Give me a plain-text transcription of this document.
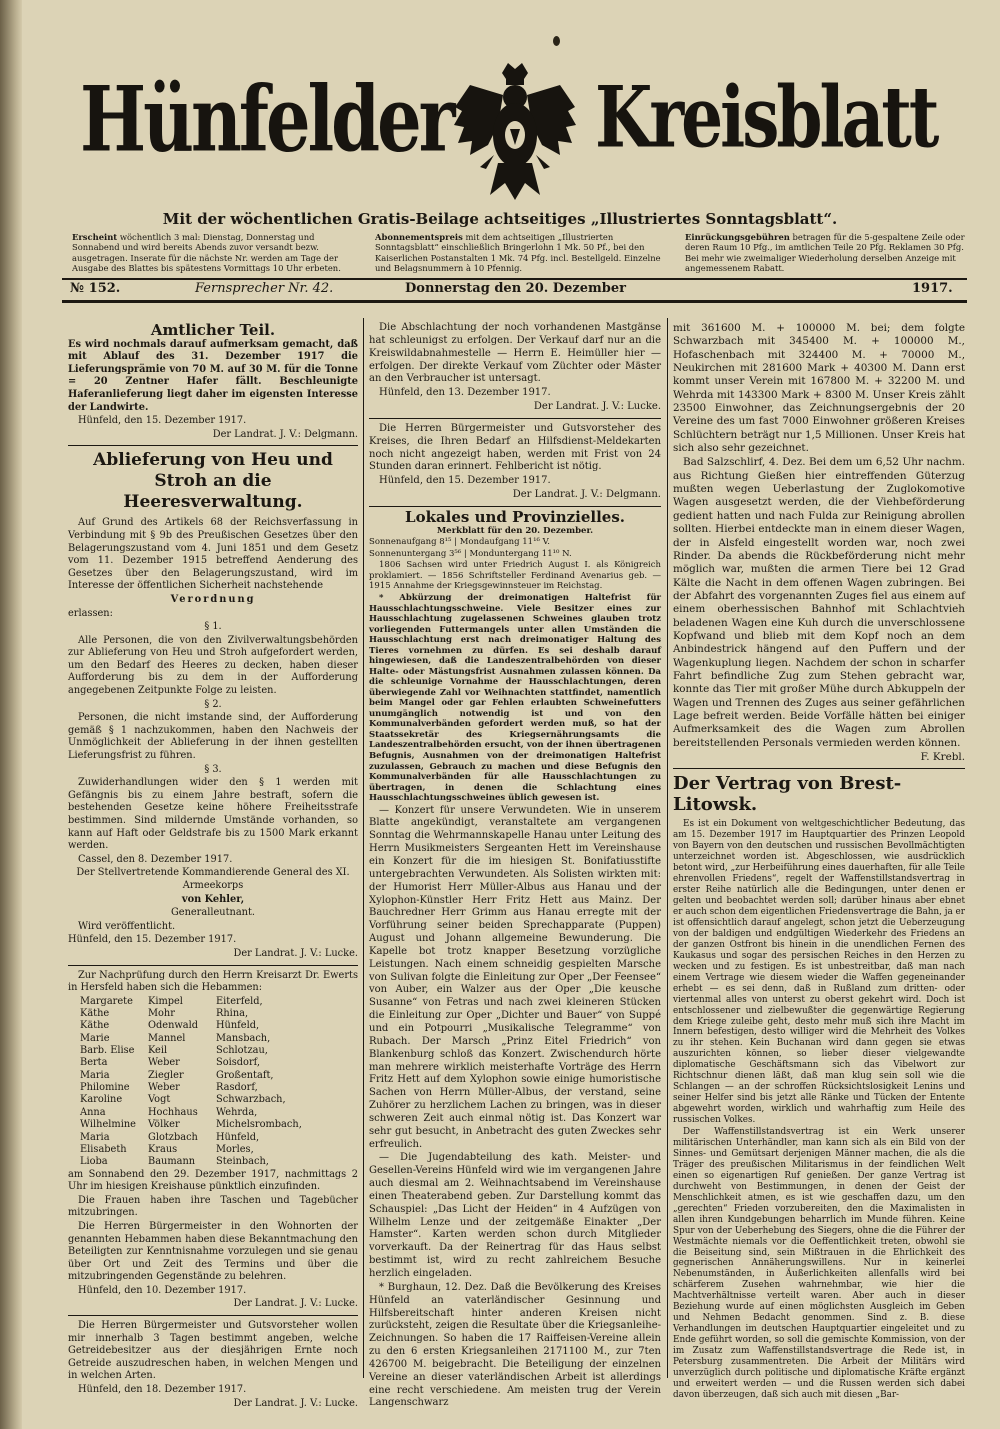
Hünfelder Kreisblatt
Mit der wöchentlichen Gratis-Beilage achtseitiges „Illustriertes Sonntagsblatt“.
Erscheint wöchentlich 3 mal: Dienstag, Donnerstag und Sonnabend und wird bereits Abends zuvor versandt bezw. ausgetragen. Inserate für die nächste Nr. werden am Tage der Ausgabe des Blattes bis spätestens Vormittags 10 Uhr erbeten.
Abonnementspreis mit dem achtseitigen „Illustrierten Sonntagsblatt“ einschließlich Bringerlohn 1 Mk. 50 Pf., bei den Kaiserlichen Postanstalten 1 Mk. 74 Pfg. incl. Bestellgeld. Einzelne und Belagsnummern à 10 Pfennig.
Einrückungsgebühren betragen für die 5-gespaltene Zeile oder deren Raum 10 Pfg., im amtlichen Teile 20 Pfg. Reklamen 30 Pfg. Bei mehr wie zweimaliger Wiederholung derselben Anzeige mit angemessenem Rabatt.
№ 152.	Fernsprecher Nr. 42.	Donnerstag den 20. Dezember	1917.
Amtlicher Teil.

Es wird nochmals darauf aufmerksam gemacht, daß mit Ablauf des 31. Dezember 1917 die Lieferungsprämie von 70 M. auf 30 M. für die Tonne = 20 Zentner Hafer fällt. Beschleunigte Haferanlieferung liegt daher im eigensten Interesse der Landwirte.

Hünfeld, den 15. Dezember 1917.

Der Landrat. J. V.: Delgmann.

Ablieferung von Heu und Stroh an die Heeresverwaltung.

Auf Grund des Artikels 68 der Reichsverfassung in Verbindung mit § 9b des Preußischen Gesetzes über den Belagerungszustand vom 4. Juni 1851 und dem Gesetz vom 11. Dezember 1915 betreffend Aenderung des Gesetzes über den Belagerungszustand, wird im Interesse der öffentlichen Sicherheit nachstehende

Verordnung

erlassen:

§ 1.

Alle Personen, die von den Zivilverwaltungsbehörden zur Ablieferung von Heu und Stroh aufgefordert werden, um den Bedarf des Heeres zu decken, haben dieser Aufforderung bis zu dem in der Aufforderung angegebenen Zeitpunkte Folge zu leisten.

§ 2.

Personen, die nicht imstande sind, der Aufforderung gemäß § 1 nachzukommen, haben den Nachweis der Unmöglichkeit der Ablieferung in der ihnen gestellten Lieferungsfrist zu führen.

§ 3.

Zuwiderhandlungen wider den § 1 werden mit Gefängnis bis zu einem Jahre bestraft, sofern die bestehenden Gesetze keine höhere Freiheitsstrafe bestimmen. Sind mildernde Umstände vorhanden, so kann auf Haft oder Geldstrafe bis zu 1500 Mark erkannt werden.

Cassel, den 8. Dezember 1917.

Der Stellvertretende Kommandierende General des XI. Armeekorps

von Kehler,

Generalleutnant.

Wird veröffentlicht.

Hünfeld, den 15. Dezember 1917.

Der Landrat. J. V.: Lucke.

Zur Nachprüfung durch den Herrn Kreisarzt Dr. Ewerts in Hersfeld haben sich die Hebammen:

Margarete	Kimpel	Eiterfeld,
Käthe	Mohr	Rhina,
Käthe	Odenwald	Hünfeld,
Marie	Mannel	Mansbach,
Barb. Elise	Keil	Schlotzau,
Berta	Weber	Soisdorf,
Maria	Ziegler	Großentaft,
Philomine	Weber	Rasdorf,
Karoline	Vogt	Schwarzbach,
Anna	Hochhaus	Wehrda,
Wilhelmine	Völker	Michelsrombach,
Maria	Glotzbach	Hünfeld,
Elisabeth	Kraus	Morles,
Lioba	Baumann	Steinbach,

am Sonnabend den 29. Dezember 1917, nachmittags 2 Uhr im hiesigen Kreishause pünktlich einzufinden.

Die Frauen haben ihre Taschen und Tagebücher mitzubringen.

Die Herren Bürgermeister in den Wohnorten der genannten Hebammen haben diese Bekanntmachung den Beteiligten zur Kenntnisnahme vorzulegen und sie genau über Ort und Zeit des Termins und über die mitzubringenden Gegenstände zu belehren.

Hünfeld, den 10. Dezember 1917.

Der Landrat. J. V.: Lucke.

Die Herren Bürgermeister und Gutsvorsteher wollen mir innerhalb 3 Tagen bestimmt angeben, welche Getreidebesitzer aus der diesjährigen Ernte noch Getreide auszudreschen haben, in welchen Mengen und in welchen Arten.

Hünfeld, den 18. Dezember 1917.

Der Landrat. J. V.: Lucke.

Die Abschlachtung der noch vorhandenen Mastgänse hat schleunigst zu erfolgen. Der Verkauf darf nur an die Kreiswildabnahmestelle — Herrn E. Heimüller hier — erfolgen. Der direkte Verkauf vom Züchter oder Mäster an den Verbraucher ist untersagt.

Hünfeld, den 13. Dezember 1917.

Der Landrat. J. V.: Lucke.

Die Herren Bürgermeister und Gutsvorsteher des Kreises, die Ihren Bedarf an Hilfsdienst-Meldekarten noch nicht angezeigt haben, werden mit Frist von 24 Stunden daran erinnert. Fehlbericht ist nötig.

Hünfeld, den 15. Dezember 1917.

Der Landrat. J. V.: Delgmann.

Lokales und Provinzielles.

Merkblatt für den 20. Dezember.

Sonnenaufgang 8¹⁵ | Mondaufgang 11¹⁶ V.

Sonnenuntergang 3⁵⁶ | Monduntergang 11¹⁰ N.

1806 Sachsen wird unter Friedrich August I. als Königreich proklamiert. — 1856 Schriftsteller Ferdinand Avenarius geb. — 1915 Annahme der Kriegsgewinnsteuer im Reichstag.

* Abkürzung der dreimonatigen Haltefrist für Hausschlachtungsschweine. Viele Besitzer eines zur Hausschlachtung zugelassenen Schweines glauben trotz vorliegenden Futtermangels unter allen Umständen die Hausschlachtung erst nach dreimonatiger Haltung des Tieres vornehmen zu dürfen. Es sei deshalb darauf hingewiesen, daß die Landeszentralbehörden von dieser Halte- oder Mästungsfrist Ausnahmen zulassen können. Da die schleunige Vornahme der Hausschlachtungen, deren überwiegende Zahl vor Weihnachten stattfindet, namentlich beim Mangel oder gar Fehlen erlaubten Schweinefutters unumgänglich notwendig ist und von den Kommunalverbänden gefordert werden muß, so hat der Staatssekretär des Kriegsernährungsamts die Landeszentralbehörden ersucht, von der ihnen übertragenen Befugnis, Ausnahmen von der dreimonatigen Haltefrist zuzulassen, Gebrauch zu machen und diese Befugnis den Kommunalverbänden für alle Hausschlachtungen zu übertragen, in denen die Schlachtung eines Hausschlachtungsschweines üblich gewesen ist.

— Konzert für unsere Verwundeten. Wie in unserem Blatte angekündigt, veranstaltete am vergangenen Sonntag die Wehrmannskapelle Hanau unter Leitung des Herrn Musikmeisters Sergeanten Hett im Vereinshause ein Konzert für die im hiesigen St. Bonifatiusstifte untergebrachten Verwundeten. Als Solisten wirkten mit: der Humorist Herr Müller-Albus aus Hanau und der Xylophon-Künstler Herr Fritz Hett aus Mainz. Der Bauchredner Herr Grimm aus Hanau erregte mit der Vorführung seiner beiden Sprechapparate (Puppen) August und Johann allgemeine Bewunderung. Die Kapelle bot trotz knapper Besetzung vorzügliche Leistungen. Nach einem schneidig gespielten Marsche von Sulivan folgte die Einleitung zur Oper „Der Feensee“ von Auber, ein Walzer aus der Oper „Die keusche Susanne“ von Fetras und nach zwei kleineren Stücken die Einleitung zur Oper „Dichter und Bauer“ von Suppé und ein Potpourri „Musikalische Telegramme“ von Rubach. Der Marsch „Prinz Eitel Friedrich“ von Blankenburg schloß das Konzert. Zwischendurch hörte man mehrere wirklich meisterhafte Vorträge des Herrn Fritz Hett auf dem Xylophon sowie einige humoristische Sachen von Herrn Müller-Albus, der verstand, seine Zuhörer zu herzlichem Lachen zu bringen, was in dieser schweren Zeit auch einmal nötig ist. Das Konzert war sehr gut besucht, in Anbetracht des guten Zweckes sehr erfreulich.

— Die Jugendabteilung des kath. Meister- und Gesellen-Vereins Hünfeld wird wie im vergangenen Jahre auch diesmal am 2. Weihnachtsabend im Vereinshause einen Theaterabend geben. Zur Darstellung kommt das Schauspiel: „Das Licht der Heiden“ in 4 Aufzügen von Wilhelm Lenze und der zeitgemäße Einakter „Der Hamster“. Karten werden schon durch Mitglieder vorverkauft. Da der Reinertrag für das Haus selbst bestimmt ist, wird zu recht zahlreichem Besuche herzlich eingeladen.

* Burghaun, 12. Dez. Daß die Bevölkerung des Kreises Hünfeld an vaterländischer Gesinnung und Hilfsbereitschaft hinter anderen Kreisen nicht zurücksteht, zeigen die Resultate über die Kriegsanleihe-Zeichnungen. So haben die 17 Raiffeisen-Vereine allein zu den 6 ersten Kriegsanleihen 2171100 M., zur 7ten 426700 M. beigebracht. Die Beteiligung der einzelnen Vereine an dieser vaterländischen Arbeit ist allerdings eine recht verschiedene. Am meisten trug der Verein Langenschwarz

mit 361600 M. + 100000 M. bei; dem folgte Schwarzbach mit 345400 M. + 100000 M., Hofaschenbach mit 324400 M. + 70000 M., Neukirchen mit 281600 Mark + 40300 M. Dann erst kommt unser Verein mit 167800 M. + 32200 M. und Wehrda mit 143300 Mark + 8300 M. Unser Kreis zählt 23500 Einwohner, das Zeichnungsergebnis der 20 Vereine des um fast 7000 Einwohner größeren Kreises Schlüchtern beträgt nur 1,5 Millionen. Unser Kreis hat sich also sehr gezeichnet.

Bad Salzschlirf, 4. Dez. Bei dem um 6,52 Uhr nachm. aus Richtung Gießen hier eintreffenden Güterzug mußten wegen Ueberlastung der Zuglokomotive Wagen ausgesetzt werden, die der Viehbeförderung gedient hatten und nach Fulda zur Reinigung abrollen sollten. Hierbei entdeckte man in einem dieser Wagen, der in Alsfeld eingestellt worden war, noch zwei Rinder. Da abends die Rückbeförderung nicht mehr möglich war, mußten die armen Tiere bei 12 Grad Kälte die Nacht in dem offenen Wagen zubringen. Bei der Abfahrt des vorgenannten Zuges fiel aus einem auf einem oberhessischen Bahnhof mit Schlachtvieh beladenen Wagen eine Kuh durch die unverschlossene Kopfwand und blieb mit dem Kopf noch an dem Anbindestrick hängend auf den Puffern und der Wagenkuplung liegen. Nachdem der schon in scharfer Fahrt befindliche Zug zum Stehen gebracht war, konnte das Tier mit großer Mühe durch Abkuppeln der Wagen und Trennen des Zuges aus seiner gefährlichen Lage befreit werden. Beide Vorfälle hätten bei einiger Aufmerksamkeit des die Wagen zum Abrollen bereitstellenden Personals vermieden werden können.

F. Krebl.

Der Vertrag von Brest-Litowsk.

Es ist ein Dokument von weltgeschichtlicher Bedeutung, das am 15. Dezember 1917 im Hauptquartier des Prinzen Leopold von Bayern von den deutschen und russischen Bevollmächtigten unterzeichnet worden ist. Abgeschlossen, wie ausdrücklich betont wird, „zur Herbeiführung eines dauerhaften, für alle Teile ehrenvollen Friedens“, regelt der Waffenstillstandsvertrag in erster Reihe natürlich alle die Bedingungen, unter denen er gelten und beobachtet werden soll; darüber hinaus aber ebnet er auch schon dem eigentlichen Friedensvertrage die Bahn, ja er ist offensichtlich darauf angelegt, schon jetzt die Ueberzeugung von der baldigen und endgültigen Wiederkehr des Friedens an der ganzen Ostfront bis hinein in die unendlichen Fernen des Kaukasus und sogar des persischen Reiches in den Herzen zu wecken und zu festigen. Es ist unbestreitbar, daß man nach einem Vertrage wie diesem wieder die Waffen gegeneinander erhebt — es sei denn, daß in Rußland zum dritten- oder viertenmal alles von unterst zu oberst gekehrt wird. Doch ist entschlossener und zielbewußter die gegenwärtige Regierung dem Kriege zuleibe geht, desto mehr muß sich ihre Macht im Innern befestigen, desto williger wird die Mehrheit des Volkes zu ihr stehen. Kein Buchanan wird dann gegen sie etwas auszurichten können, so lieber dieser vielgewandte diplomatische Geschäftsmann sich das Vibelwort zur Richtschnur dienen läßt, daß man klug sein soll wie die Schlangen — an der schroffen Rücksichtslosigkeit Lenins und seiner Helfer sind bis jetzt alle Ränke und Tücken der Entente abgewehrt worden, wirklich und wahrhaftig zum Heile des russischen Volkes.

Der Waffenstillstandsvertrag ist ein Werk unserer militärischen Unterhändler, man kann sich als ein Bild von der Sinnes- und Gemütsart derjenigen Männer machen, die als die Träger des preußischen Militarismus in der feindlichen Welt einen so eigenartigen Ruf genießen. Der ganze Vertrag ist durchweht von Bestimmungen, in denen der Geist der Menschlichkeit atmen, es ist wie geschaffen dazu, um den „gerechten“ Frieden vorzubereiten, den die Maximalisten in allen ihren Kundgebungen beharrlich im Munde führen. Keine Spur von der Ueberhebung des Siegers, ohne die die Führer der Westmächte niemals vor die Oeffentlichkeit treten, obwohl sie die Beiseitung sind, sein Mißtrauen in die Ehrlichkeit des gegnerischen Annäherungswillens. Nur in keinerlei Nebenumständen, in Äußerlichkeiten allenfalls wird bei schärferem Zusehen wahrnehmbar, wie hier die Machtverhältnisse verteilt waren. Aber auch in dieser Beziehung wurde auf einen möglichsten Ausgleich im Geben und Nehmen Bedacht genommen. Sind z. B. diese Verhandlungen im deutschen Hauptquartier eingeleitet und zu Ende geführt worden, so soll die gemischte Kommission, von der im Zusatz zum Waffenstillstandsvertrage die Rede ist, in Petersburg zusammentreten. Die Arbeit der Militärs wird unverzüglich durch politische und diplomatische Kräfte ergänzt und erweitert werden — und die Russen werden sich dabei davon überzeugen, daß sich auch mit diesen „Bar-
